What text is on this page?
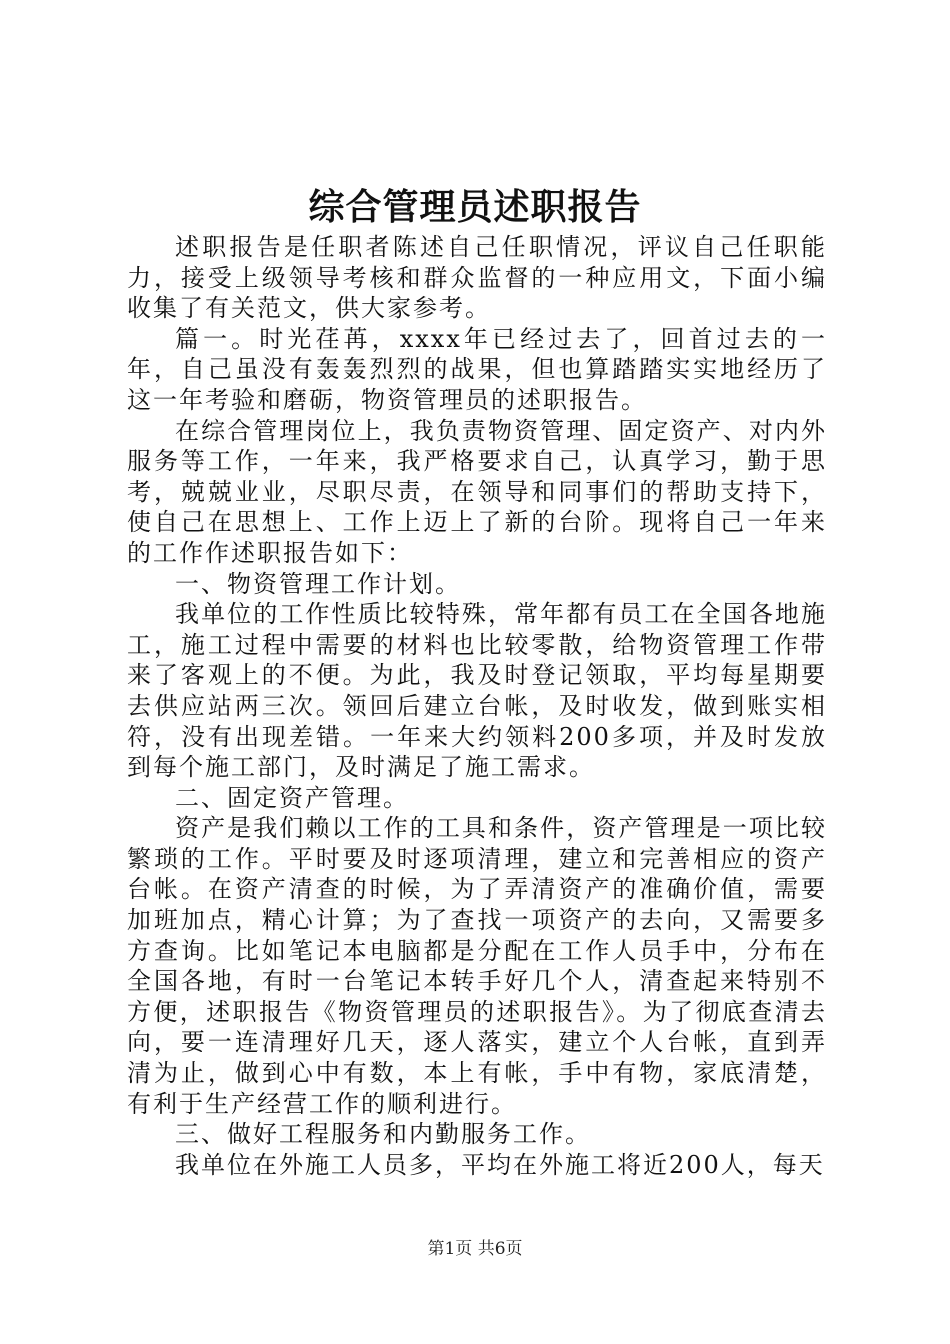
综合管理员述职报告

述职报告是任职者陈述自己任职情况，评议自己任职能力，接受上级领导考核和群众监督的一种应用文，下面小编收集了有关范文，供大家参考。

篇一。时光荏苒，xxxx年已经过去了，回首过去的一年，自己虽没有轰轰烈烈的战果，但也算踏踏实实地经历了这一年考验和磨砺，物资管理员的述职报告。

在综合管理岗位上，我负责物资管理、固定资产、对内外服务等工作，一年来，我严格要求自己，认真学习，勤于思考，兢兢业业，尽职尽责，在领导和同事们的帮助支持下，使自己在思想上、工作上迈上了新的台阶。现将自己一年来的工作作述职报告如下：

一、物资管理工作计划。

我单位的工作性质比较特殊，常年都有员工在全国各地施工，施工过程中需要的材料也比较零散，给物资管理工作带来了客观上的不便。为此，我及时登记领取，平均每星期要去供应站两三次。领回后建立台帐，及时收发，做到账实相符，没有出现差错。一年来大约领料200多项，并及时发放到每个施工部门，及时满足了施工需求。

二、固定资产管理。

资产是我们赖以工作的工具和条件，资产管理是一项比较繁琐的工作。平时要及时逐项清理，建立和完善相应的资产台帐。在资产清查的时候，为了弄清资产的准确价值，需要加班加点，精心计算；为了查找一项资产的去向，又需要多方查询。比如笔记本电脑都是分配在工作人员手中，分布在全国各地，有时一台笔记本转手好几个人，清查起来特别不方便，述职报告《物资管理员的述职报告》。为了彻底查清去向，要一连清理好几天，逐人落实，建立个人台帐，直到弄清为止，做到心中有数，本上有帐，手中有物，家底清楚，有利于生产经营工作的顺利进行。

三、做好工程服务和内勤服务工作。

我单位在外施工人员多，平均在外施工将近200人，每天

第1页 共6页
